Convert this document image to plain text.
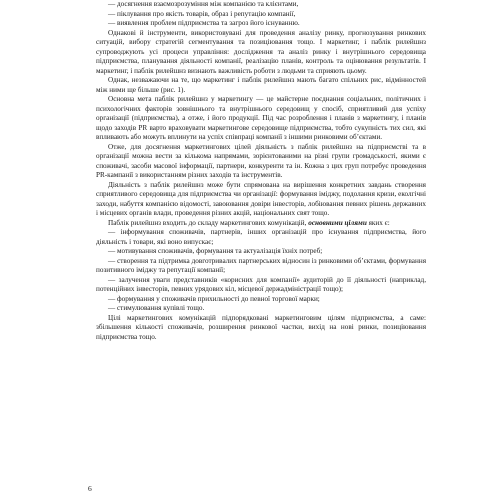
— досягнення взаємозрозуміння між компанією та клієнтами,

— піклування про якість товарів, образ і репутацію компанії,

— виявлення проблем підприємства та загроз його існуванню.

Однакові й інструменти, використовувані для проведення аналізу ринку, прогнозування ринкових ситуацій, вибору стратегій сегментування та позиціювання тощо. І маркетинг, і паблік рилейшнз супроводжують усі процеси управління: дослідження та аналіз ринку і внутрішнього середовища підприємства, планування діяльності компанії, реалізацію планів, контроль та оцінювання результатів. І маркетинг, і паблік рилейшнз визнають важливість роботи з людьми та сприяють цьому.

Однак, незважаючи на те, що маркетинг і паблік рилейшнз мають багато спільних рис, відмінностей між ними ще більше (рис. 1).

Основна мета паблік рилейшнз у маркетингу — це майстерне поєднання соціальних, політичних і психологічних факторів зовнішнього та внутрішнього середовищ у спосіб, сприятливий для успіху організації (підприємства), а отже, і його продукції. Під час розроблення і планів з маркетингу, і планів щодо заходів PR варто враховувати маркетингове середовище підприємства, тобто сукупність тих сил, які впливають або можуть вплинути на успіх співпраці компанії з іншими ринковими об’єктами.

Отже, для досягнення маркетингових цілей діяльність з паблік рилейшнз на підприємстві та в організації можна вести за кількома напрямами, зорієнтованими на різні групи громадськості, якими є споживачі, засоби масової інформації, партнери, конкуренти та ін. Кожна з цих груп потребує проведення PR-кампанії з використанням різних заходів та інструментів.

Діяльність з паблік рилейшнз може бути спрямована на вирішення конкретних завдань створення сприятливого середовища для підприємства чи організації: формування іміджу, подолання кризи, еколгічні заходи, набуття компанією відомості, завоювання довіри інвесторів, лобіювання певних рішень державних і місцевих органів влади, проведення різних акцій, національних свят тощо.

Паблік рилейшнз входить до складу маркетингових комунікацій, основними цілями яких є:

— інформування споживачів, партнерів, інших організацій про існування підприємства, його діяльність і товари, які воно випускає;

— мотивування споживачів, формування та актуалізація їхніх потреб;

— створення та підтримка довготривалих партнерських відносин із ринковими об’єктами, формування позитивного іміджу та репутації компанії;

— залучення уваги представників «корисних для компанії» аудиторій до її діяльності (наприклад, потенційних інвесторів, певних урядових кіл, місцевої держадміністрації тощо);

— формування у споживачів прихильності до певної торгової марки;

— стимулювання купівлі тощо.

Цілі маркетингових комунікацій підпорядковані маркетинговим цілям підприємства, а саме: збільшення кількості споживачів, розширення ринкової частки, вихід на нові ринки, позиціювання підприємства тощо.

6
